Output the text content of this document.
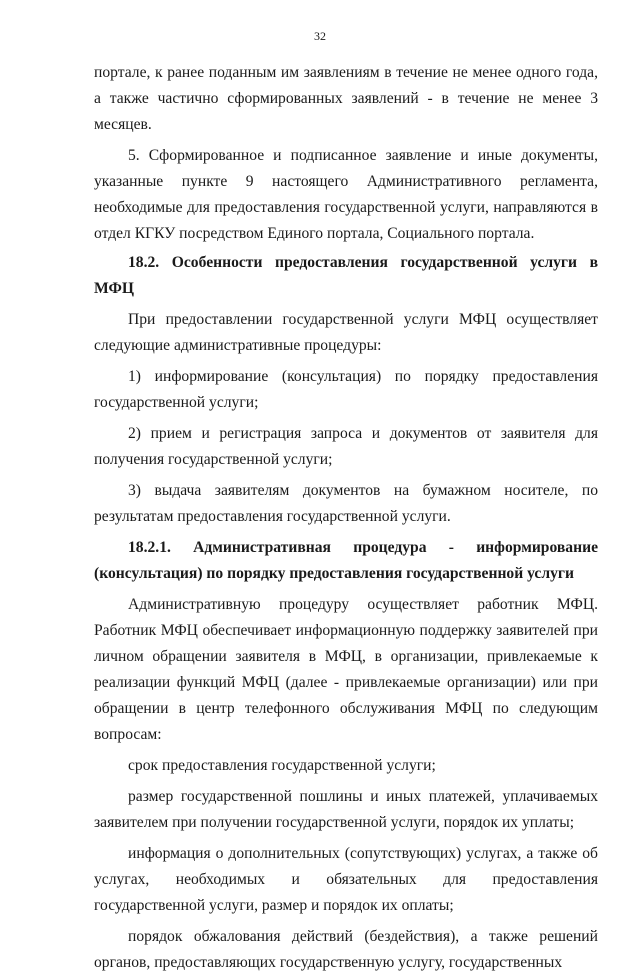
32

порталe, к ранее поданным им заявлениям в течение не менее одного года, а также частично сформированных заявлений - в течение не менее 3 месяцев.

5. Сформированное и подписанное заявление и иные документы, указанные пункте 9 настоящего Административного регламента, необходимые для предоставления государственной услуги, направляются в отдел КГКУ посредством Единого портала, Социального портала.

18.2. Особенности предоставления государственной услуги в МФЦ

При предоставлении государственной услуги МФЦ осуществляет следующие административные процедуры:

1) информирование (консультация) по порядку предоставления государственной услуги;

2) прием и регистрация запроса и документов от заявителя для получения государственной услуги;

3) выдача заявителям документов на бумажном носителе, по результатам предоставления государственной услуги.

18.2.1. Административная процедура - информирование (консультация) по порядку предоставления государственной услуги

Административную процедуру осуществляет работник МФЦ. Работник МФЦ обеспечивает информационную поддержку заявителей при личном обращении заявителя в МФЦ, в организации, привлекаемые к реализации функций МФЦ (далее - привлекаемые организации) или при обращении в центр телефонного обслуживания МФЦ по следующим вопросам:

срок предоставления государственной услуги;

размер государственной пошлины и иных платежей, уплачиваемых заявителем при получении государственной услуги, порядок их уплаты;

информация о дополнительных (сопутствующих) услугах, а также об услугах, необходимых и обязательных для предоставления государственной услуги, размер и порядок их оплаты;

порядок обжалования действий (бездействия), а также решений органов, предоставляющих государственную услугу, государственных
